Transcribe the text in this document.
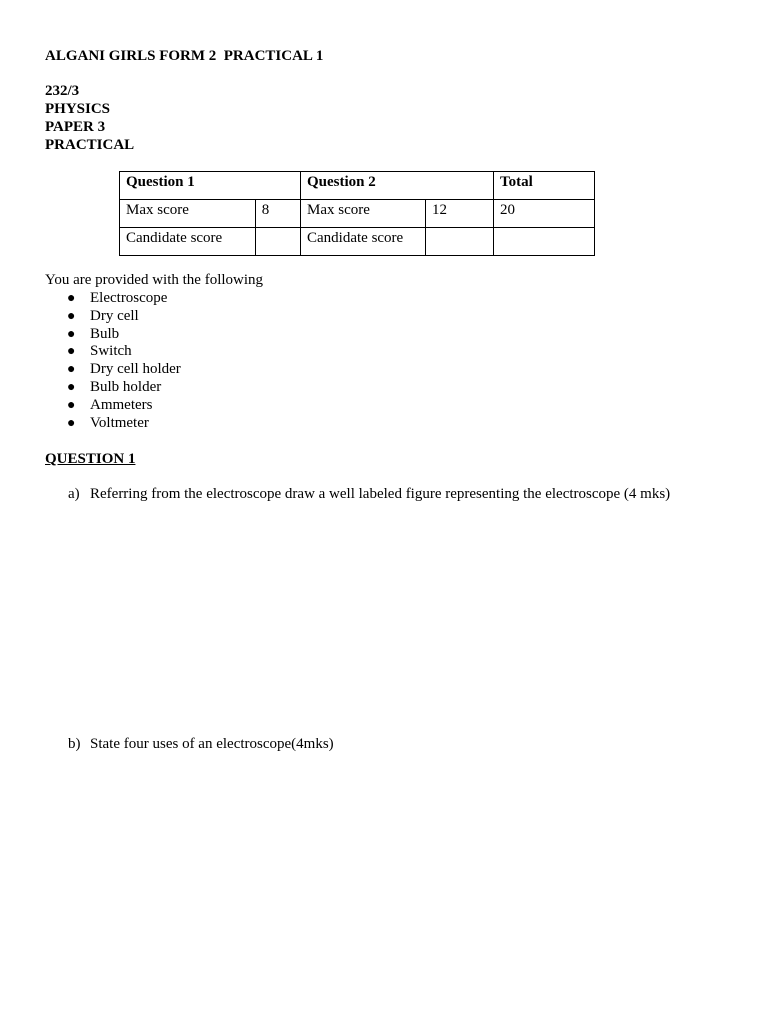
ALGANI GIRLS FORM 2  PRACTICAL 1
232/3
PHYSICS
PAPER 3
PRACTICAL
Question 1		Question 2		Total
Max score	8	Max score	12	20
Candidate score		Candidate score		
You are provided with the following
● Electroscope
● Dry cell
● Bulb
● Switch
● Dry cell holder
● Bulb holder
● Ammeters
● Voltmeter
QUESTION 1
a) Referring from the electroscope draw a well labeled figure representing the electroscope (4 mks)
b) State four uses of an electroscope(4mks)
